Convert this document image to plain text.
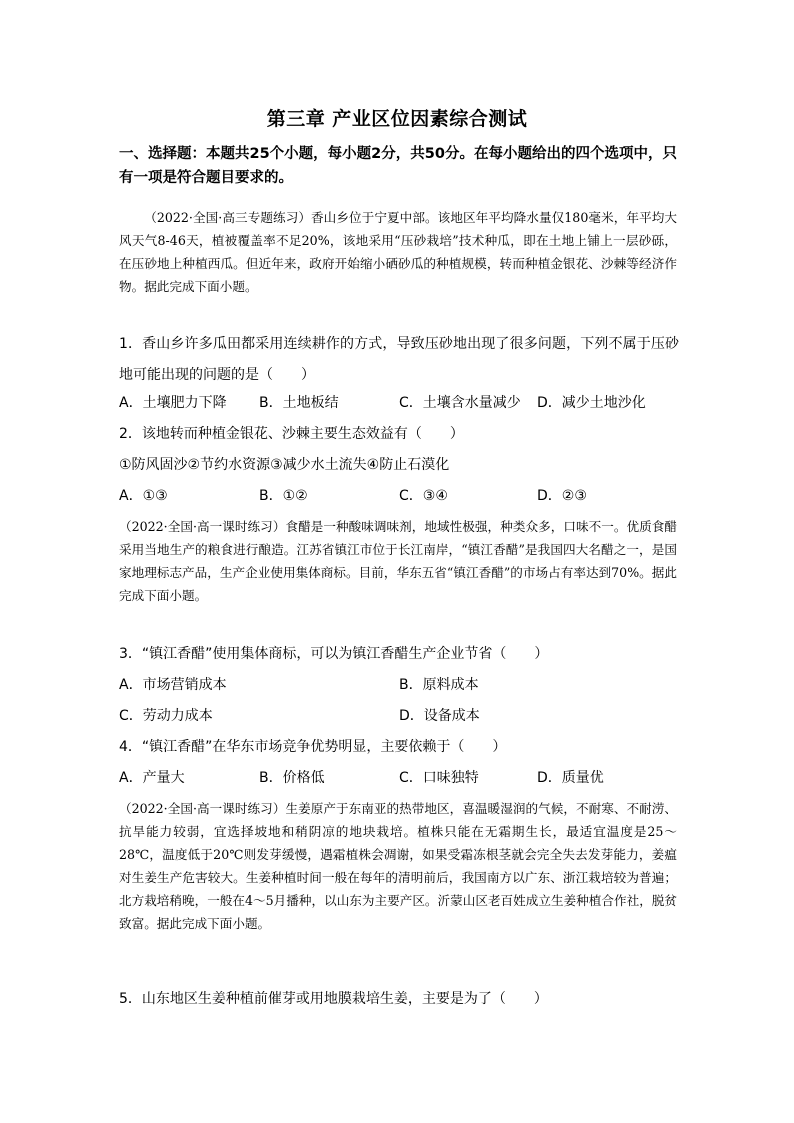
第三章 产业区位因素综合测试
一、选择题：本题共25个小题，每小题2分，共50分。在每小题给出的四个选项中，只有一项是符合题目要求的。
（2022·全国·高三专题练习）香山乡位于宁夏中部。该地区年平均降水量仅180毫米，年平均大风天气8-46天，植被覆盖率不足20%，该地采用“压砂栽培”技术种瓜，即在土地上铺上一层砂砾，在压砂地上种植西瓜。但近年来，政府开始缩小硒砂瓜的种植规模，转而种植金银花、沙棘等经济作物。据此完成下面小题。
1．香山乡许多瓜田都采用连续耕作的方式，导致压砂地出现了很多问题，下列不属于压砂地可能出现的问题的是（　　）
A．土壤肥力下降 B．土地板结	C．土壤含水量减少 D．减少土地沙化
2．该地转而种植金银花、沙棘主要生态效益有（　　）
①防风固沙②节约水资源③减少水土流失④防止石漠化
A．①③	B．①②	C．③④	D．②③
（2022·全国·高一课时练习）食醋是一种酸味调味剂，地域性极强，种类众多，口味不一。优质食醋采用当地生产的粮食进行酿造。江苏省镇江市位于长江南岸，“镇江香醋”是我国四大名醋之一，是国家地理标志产品，生产企业使用集体商标。目前，华东五省“镇江香醋”的市场占有率达到70%。据此完成下面小题。
3．“镇江香醋”使用集体商标，可以为镇江香醋生产企业节省（　　）
A．市场营销成本	B．原料成本
C．劳动力成本	D．设备成本
4．“镇江香醋”在华东市场竞争优势明显，主要依赖于（　　）
A．产量大	B．价格低	C．口味独特	D．质量优
（2022·全国·高一课时练习）生姜原产于东南亚的热带地区，喜温暖湿润的气候，不耐寒、不耐涝、抗旱能力较弱，宜选择坡地和稍阴凉的地块栽培。植株只能在无霜期生长，最适宜温度是25～28℃，温度低于20℃则发芽缓慢，遇霜植株会凋谢，如果受霜冻根茎就会完全失去发芽能力，姜瘟对生姜生产危害较大。生姜种植时间一般在每年的清明前后，我国南方以广东、浙江栽培较为普遍；北方栽培稍晚，一般在4～5月播种，以山东为主要产区。沂蒙山区老百姓成立生姜种植合作社，脱贫致富。据此完成下面小题。
5．山东地区生姜种植前催芽或用地膜栽培生姜，主要是为了（　　）
